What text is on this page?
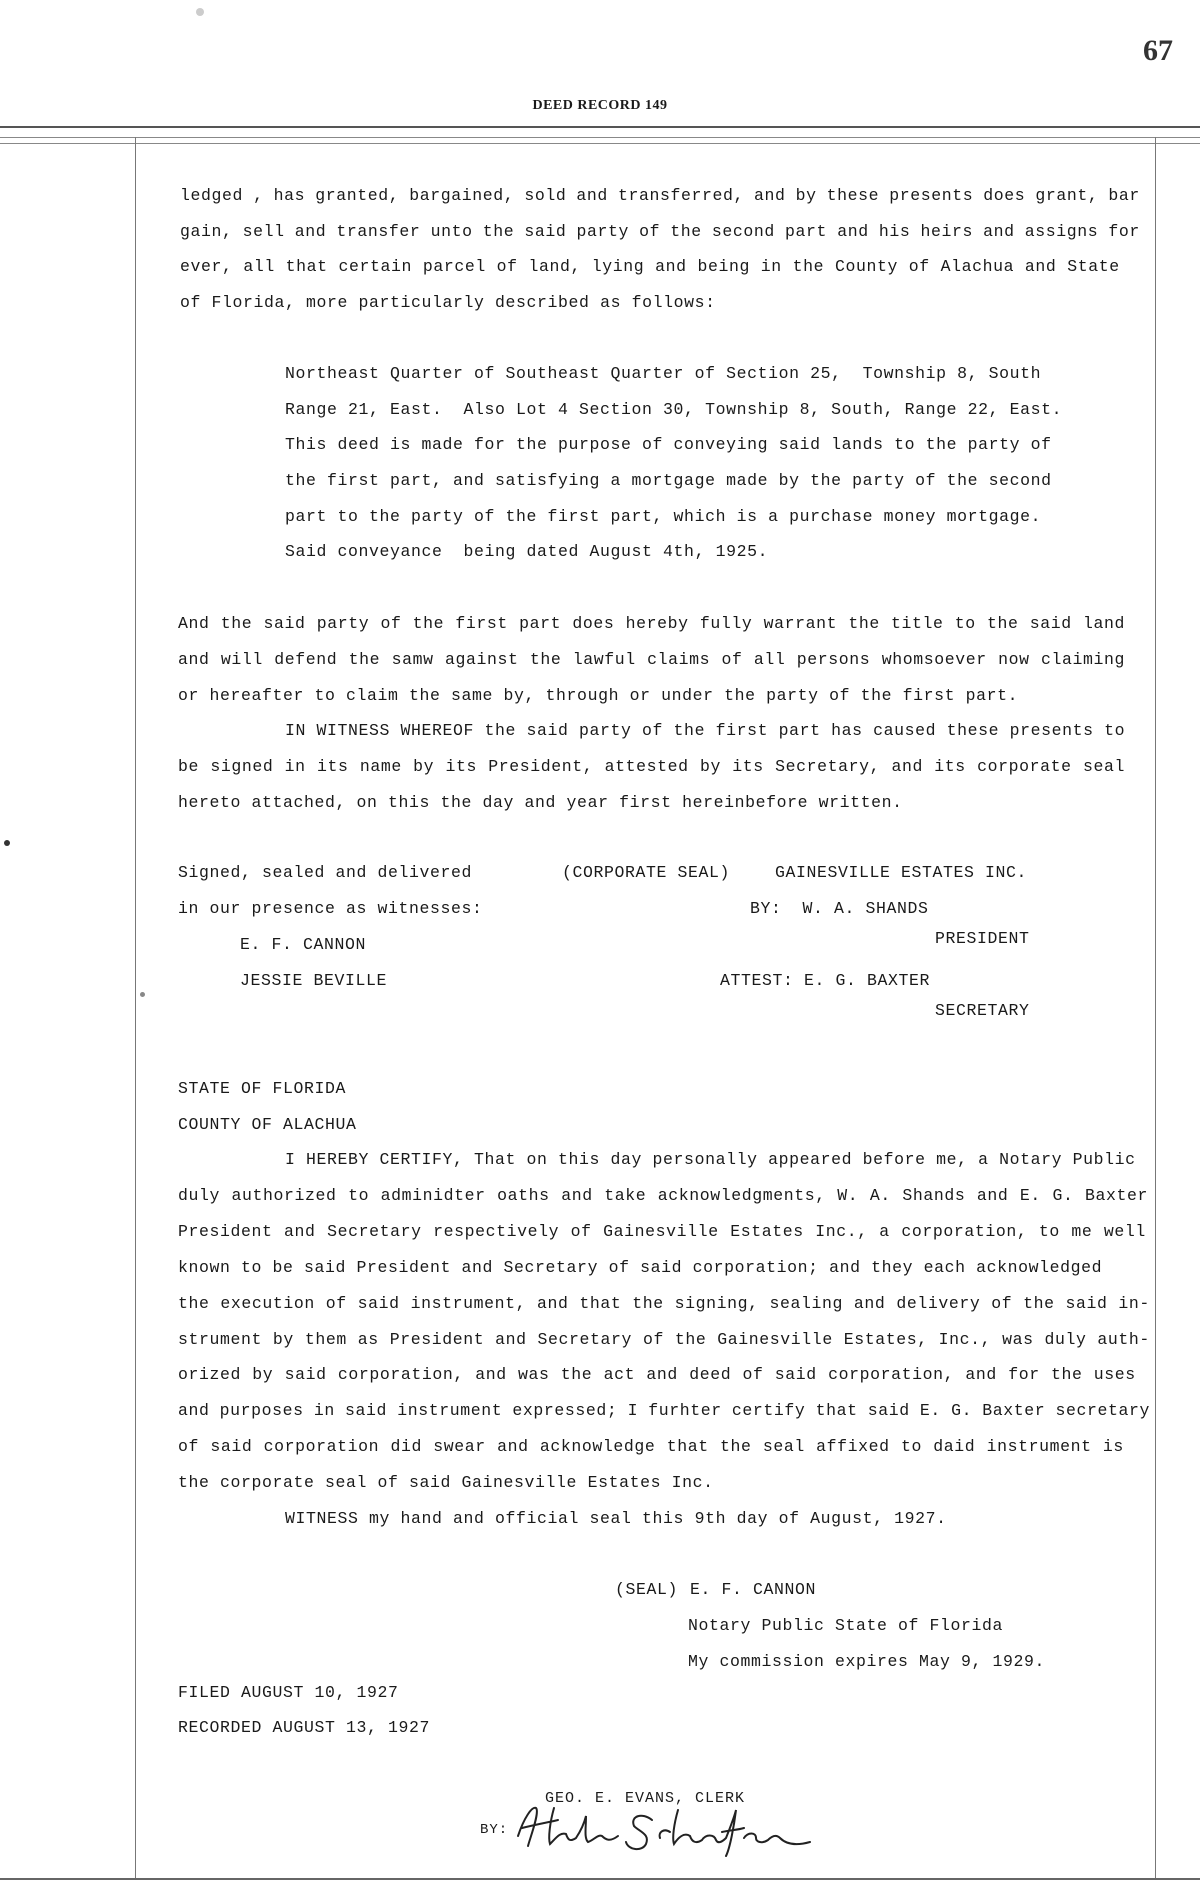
67
DEED RECORD 149
ledged , has granted, bargained, sold and transferred, and by these presents does grant, bar
gain, sell and transfer unto the said party of the second part and his heirs and assigns for
ever, all that certain parcel of land, lying and being in the County of Alachua and State
of Florida, more particularly described as follows:
Northeast Quarter of Southeast Quarter of Section 25,  Township 8, South
Range 21, East.  Also Lot 4 Section 30, Township 8, South, Range 22, East.
This deed is made for the purpose of conveying said lands to the party of
the first part, and satisfying a mortgage made by the party of the second
part to the party of the first part, which is a purchase money mortgage.
Said conveyance  being dated August 4th, 1925.
And the said party of the first part does hereby fully warrant the title to the said land
and will defend the samw against the lawful claims of all persons whomsoever now claiming
or hereafter to claim the same by, through or under the party of the first part.
IN WITNESS WHEREOF the said party of the first part has caused these presents to
be signed in its name by its President, attested by its Secretary, and its corporate seal
hereto attached, on this the day and year first hereinbefore written.
Signed, sealed and delivered
in our presence as witnesses:
E. F. CANNON
JESSIE BEVILLE
(CORPORATE SEAL)	GAINESVILLE ESTATES INC.
BY:  W. A. SHANDS
PRESIDENT
ATTEST: E. G. BAXTER
SECRETARY
STATE OF FLORIDA
COUNTY OF ALACHUA
I HEREBY CERTIFY, That on this day personally appeared before me, a Notary Public
duly authorized to adminidter oaths and take acknowledgments, W. A. Shands and E. G. Baxter
President and Secretary respectively of Gainesville Estates Inc., a corporation, to me well
known to be said President and Secretary of said corporation; and they each acknowledged
the execution of said instrument, and that the signing, sealing and delivery of the said in-
strument by them as President and Secretary of the Gainesville Estates, Inc., was duly auth-
orized by said corporation, and was the act and deed of said corporation, and for the uses
and purposes in said instrument expressed; I furhter certify that said E. G. Baxter secretary
of said corporation did swear and acknowledge that the seal affixed to daid instrument is
the corporate seal of said Gainesville Estates Inc.
WITNESS my hand and official seal this 9th day of August, 1927.
(SEAL) E. F. CANNON
Notary Public State of Florida
My commission expires May 9, 1929.
FILED AUGUST 10, 1927
RECORDED AUGUST 13, 1927
GEO. E. EVANS, CLERK
BY:
